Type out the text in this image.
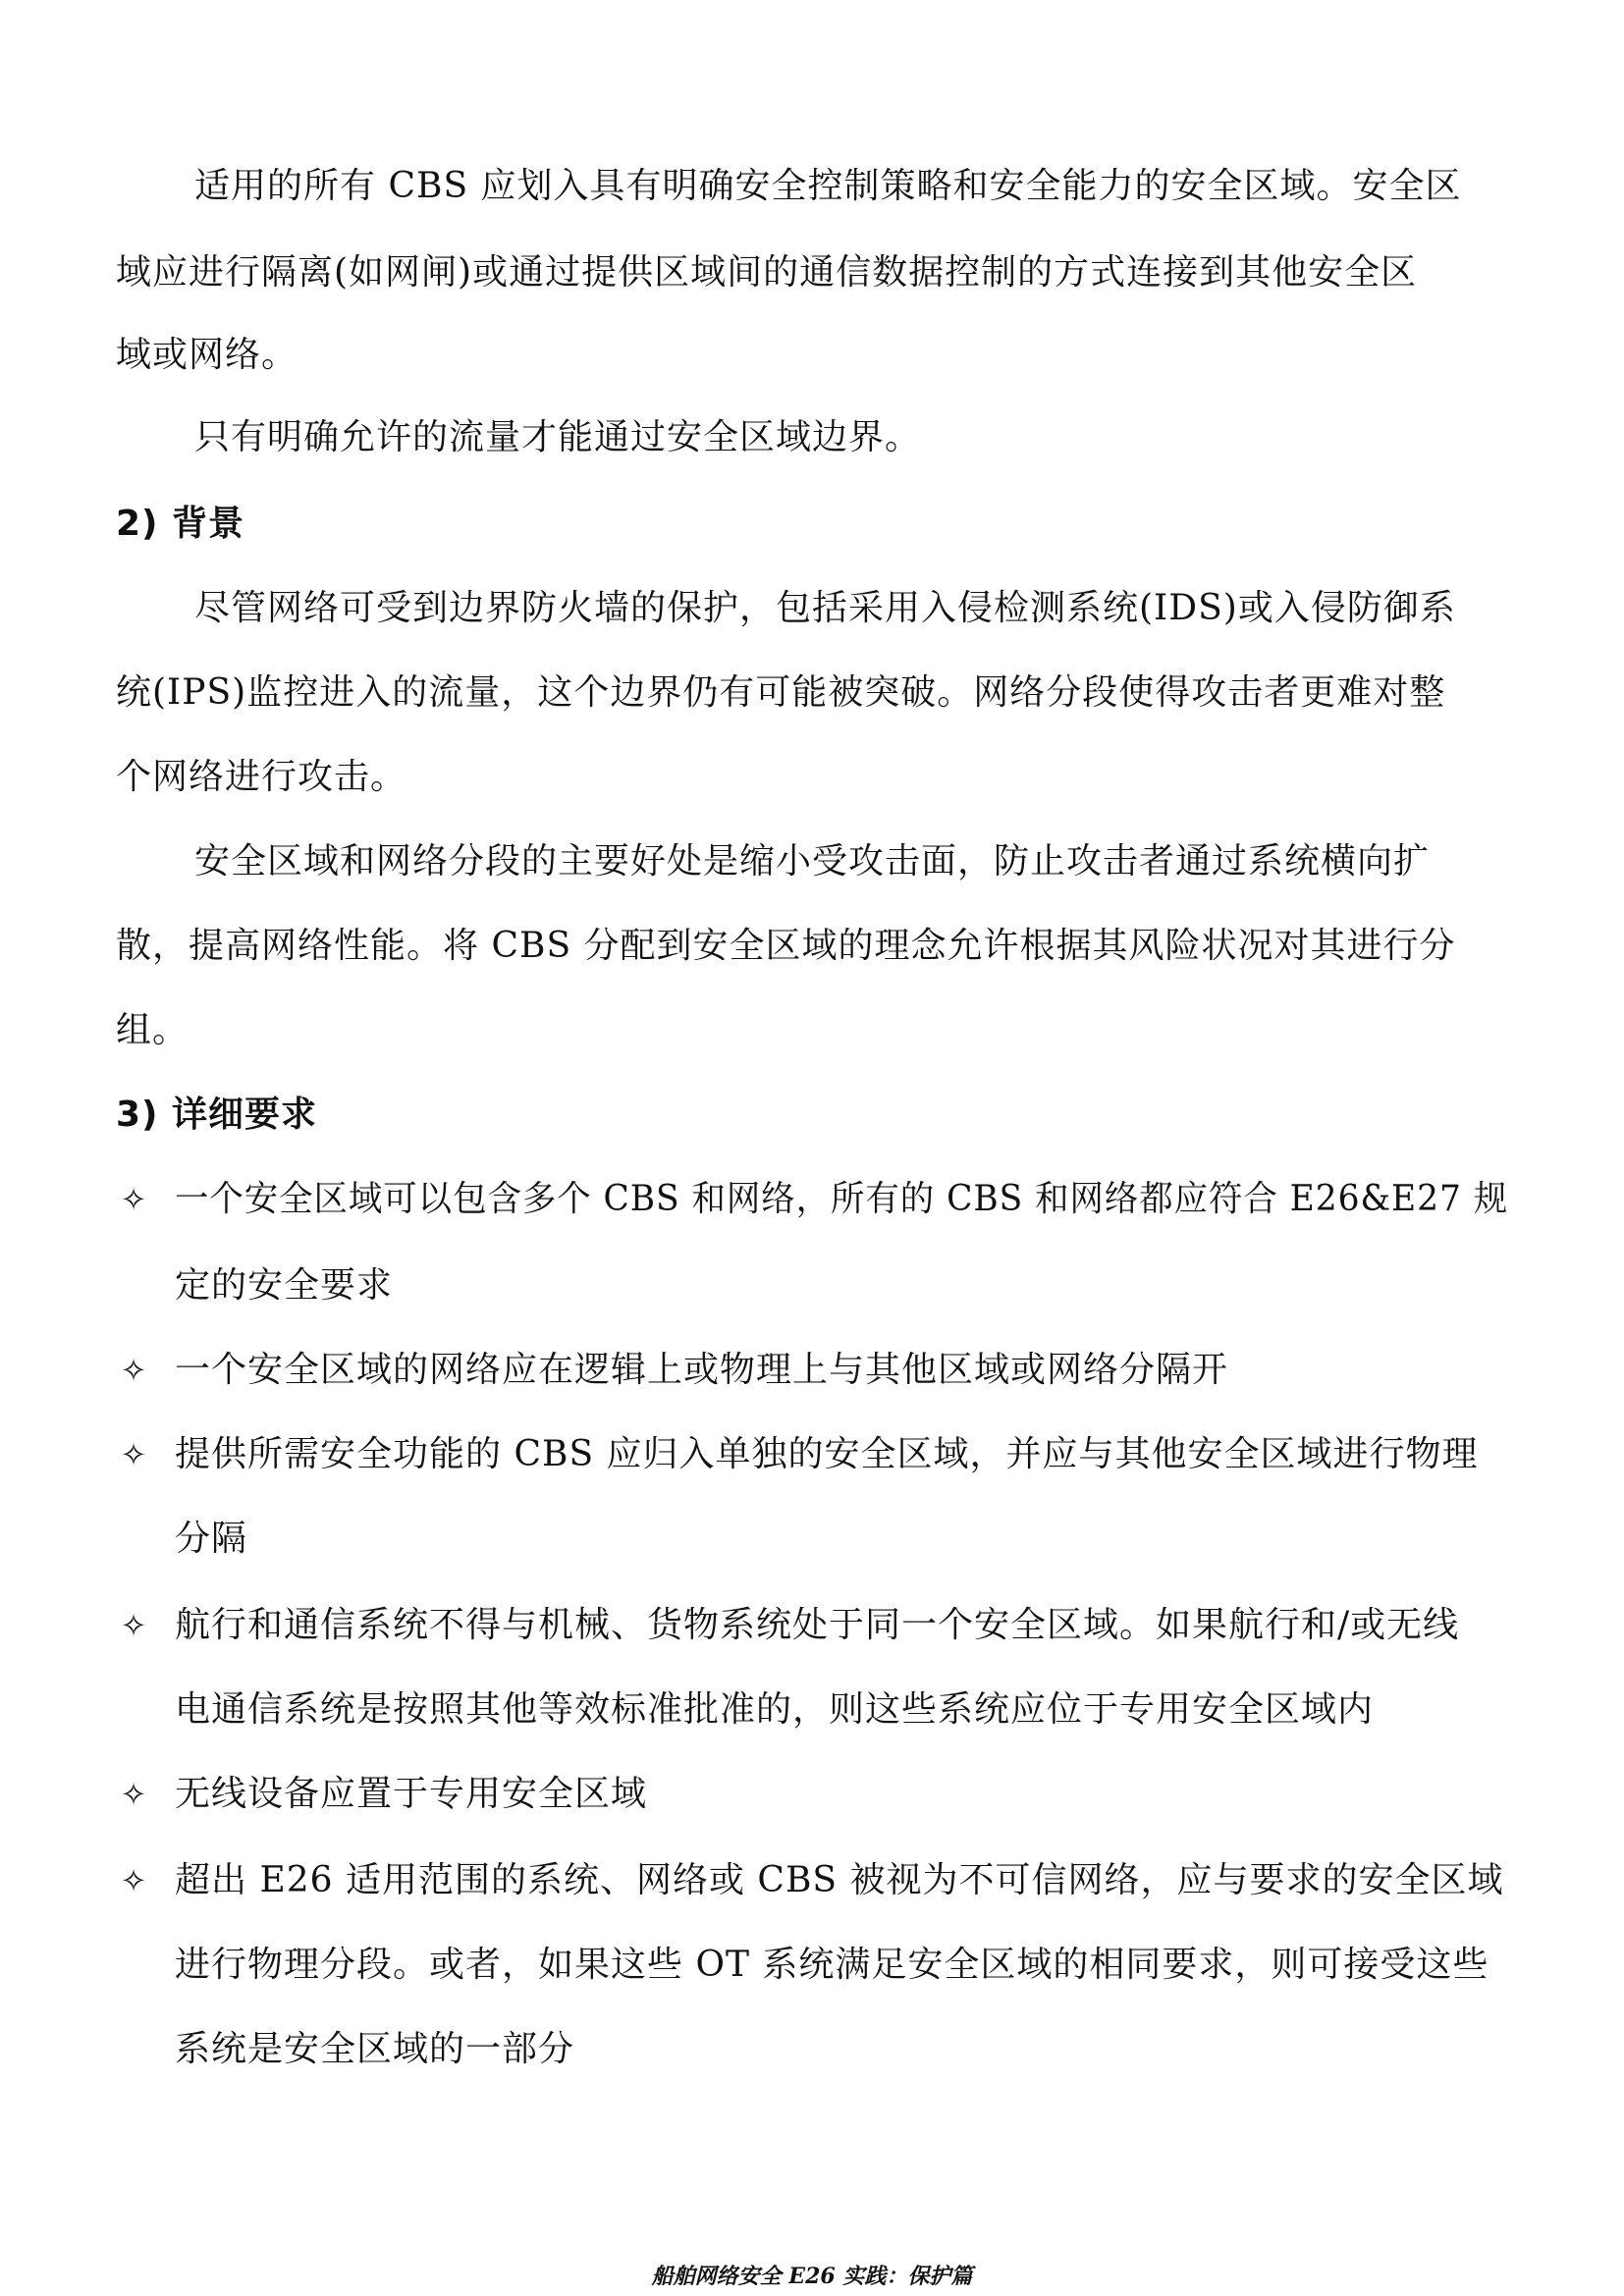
适用的所有 CBS 应划入具有明确安全控制策略和安全能力的安全区域。安全区
域应进行隔离(如网闸)或通过提供区域间的通信数据控制的方式连接到其他安全区
域或网络。
只有明确允许的流量才能通过安全区域边界。
2) 背景
尽管网络可受到边界防火墙的保护，包括采用入侵检测系统(IDS)或入侵防御系
统(IPS)监控进入的流量，这个边界仍有可能被突破。网络分段使得攻击者更难对整
个网络进行攻击。
安全区域和网络分段的主要好处是缩小受攻击面，防止攻击者通过系统横向扩
散，提高网络性能。将 CBS 分配到安全区域的理念允许根据其风险状况对其进行分
组。
3) 详细要求
✧ 一个安全区域可以包含多个 CBS 和网络，所有的 CBS 和网络都应符合 E26&E27 规
定的安全要求
✧ 一个安全区域的网络应在逻辑上或物理上与其他区域或网络分隔开
✧ 提供所需安全功能的 CBS 应归入单独的安全区域，并应与其他安全区域进行物理
分隔
✧ 航行和通信系统不得与机械、货物系统处于同一个安全区域。如果航行和/或无线
电通信系统是按照其他等效标准批准的，则这些系统应位于专用安全区域内
✧ 无线设备应置于专用安全区域
✧ 超出 E26 适用范围的系统、网络或 CBS 被视为不可信网络，应与要求的安全区域
进行物理分段。或者，如果这些 OT 系统满足安全区域的相同要求，则可接受这些
系统是安全区域的一部分
船舶网络安全 E26 实践：保护篇
